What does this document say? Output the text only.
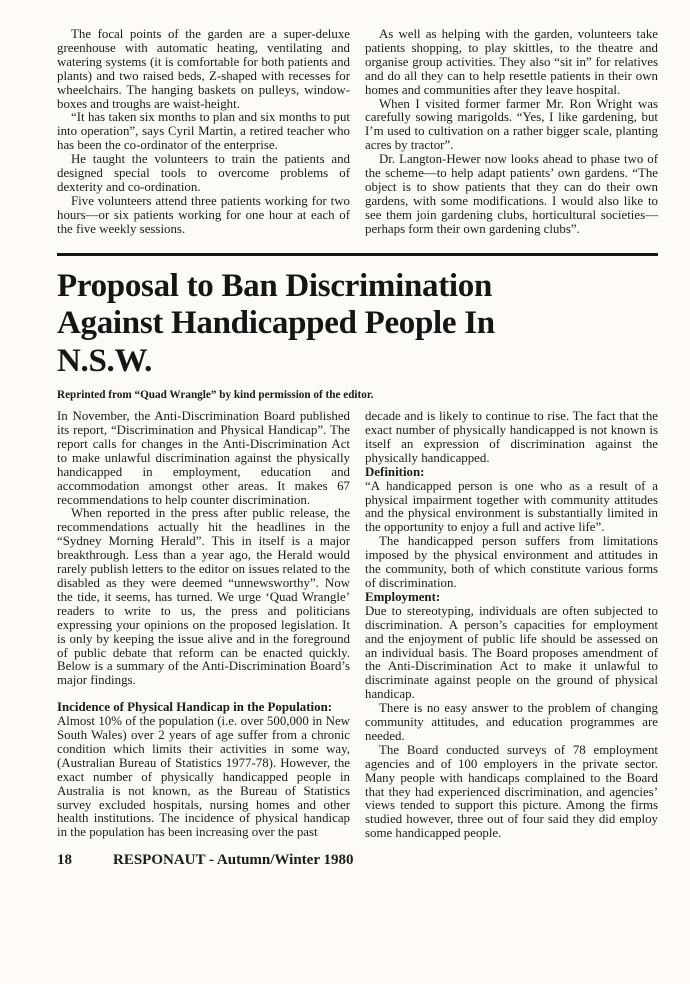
The focal points of the garden are a super-deluxe greenhouse with automatic heating, ventilating and watering systems (it is comfortable for both patients and plants) and two raised beds, Z-shaped with recesses for wheelchairs. The hanging baskets on pulleys, window-boxes and troughs are waist-height.

“It has taken six months to plan and six months to put into operation”, says Cyril Martin, a retired teacher who has been the co-ordinator of the enterprise.

He taught the volunteers to train the patients and designed special tools to overcome problems of dexterity and co-ordination.

Five volunteers attend three patients working for two hours—or six patients working for one hour at each of the five weekly sessions.

As well as helping with the garden, volunteers take patients shopping, to play skittles, to the theatre and organise group activities. They also “sit in” for relatives and do all they can to help resettle patients in their own homes and communities after they leave hospital.

When I visited former farmer Mr. Ron Wright was carefully sowing marigolds. “Yes, I like gardening, but I’m used to cultivation on a rather bigger scale, planting acres by tractor”.

Dr. Langton-Hewer now looks ahead to phase two of the scheme—to help adapt patients’ own gardens. “The object is to show patients that they can do their own gardens, with some modifications. I would also like to see them join gardening clubs, horticultural societies—perhaps form their own gardening clubs”.

Proposal to Ban Discrimination
Against Handicapped People In
N.S.W.

Reprinted from “Quad Wrangle” by kind permission of the editor.

In November, the Anti-Discrimination Board published its report, “Discrimination and Physical Handicap”. The report calls for changes in the Anti-Discrimination Act to make unlawful discrimination against the physically handicapped in employment, education and accommodation amongst other areas. It makes 67 recommendations to help counter discrimination.

When reported in the press after public release, the recommendations actually hit the headlines in the “Sydney Morning Herald”. This in itself is a major breakthrough. Less than a year ago, the Herald would rarely publish letters to the editor on issues related to the disabled as they were deemed “unnewsworthy”. Now the tide, it seems, has turned. We urge ‘Quad Wrangle’ readers to write to us, the press and politicians expressing your opinions on the proposed legislation. It is only by keeping the issue alive and in the foreground of public debate that reform can be enacted quickly. Below is a summary of the Anti-Discrimination Board’s major findings.

Incidence of Physical Handicap in the Population:

Almost 10% of the population (i.e. over 500,000 in New South Wales) over 2 years of age suffer from a chronic condition which limits their activities in some way, (Australian Bureau of Statistics 1977-78). However, the exact number of physically handicapped people in Australia is not known, as the Bureau of Statistics survey excluded hospitals, nursing homes and other health institutions. The incidence of physical handicap in the population has been increasing over the past

decade and is likely to continue to rise. The fact that the exact number of physically handicapped is not known is itself an expression of discrimination against the physically handicapped.

Definition:

“A handicapped person is one who as a result of a physical impairment together with community attitudes and the physical environment is substantially limited in the opportunity to enjoy a full and active life”.

The handicapped person suffers from limitations imposed by the physical environment and attitudes in the community, both of which constitute various forms of discrimination.

Employment:

Due to stereotyping, individuals are often subjected to discrimination. A person’s capacities for employment and the enjoyment of public life should be assessed on an individual basis. The Board proposes amendment of the Anti-Discrimination Act to make it unlawful to discriminate against people on the ground of physical handicap.

There is no easy answer to the problem of changing community attitudes, and education programmes are needed.

The Board conducted surveys of 78 employment agencies and of 100 employers in the private sector. Many people with handicaps complained to the Board that they had experienced discrimination, and agencies’ views tended to support this picture. Among the firms studied however, three out of four said they did employ some handicapped people.

18	RESPONAUT - Autumn/Winter 1980
